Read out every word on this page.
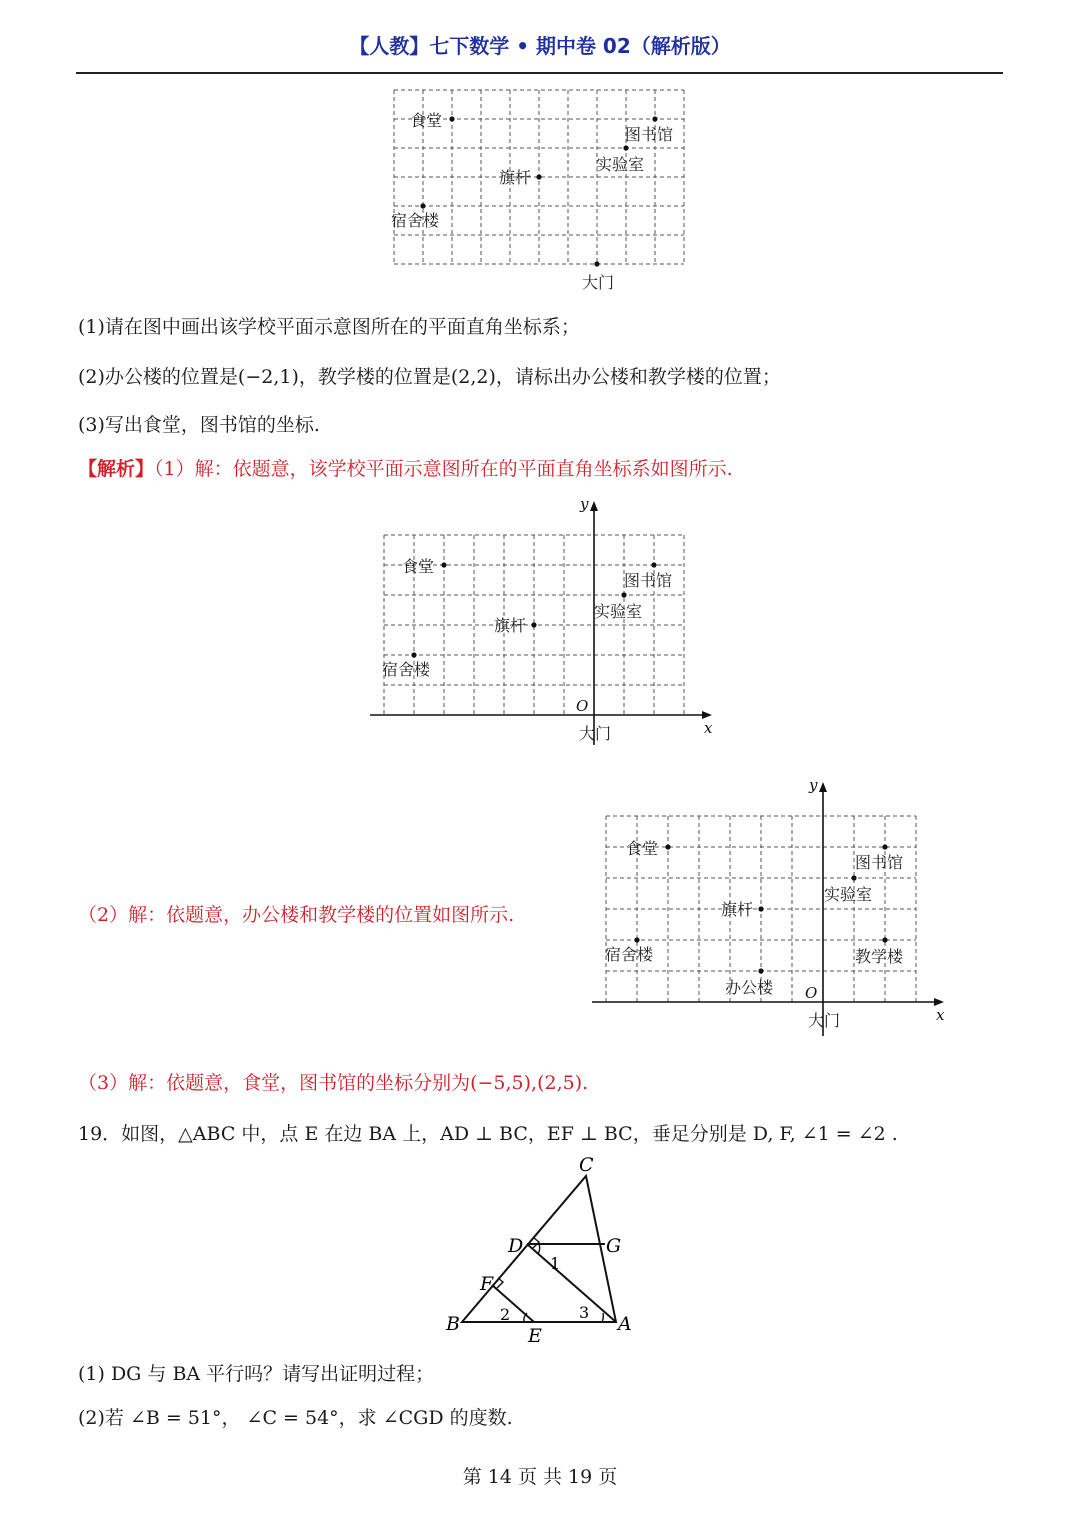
【人教】七下数学 • 期中卷 02（解析版）
食堂
图书馆
实验室
旗杆
宿舍楼
大门
(1)请在图中画出该学校平面示意图所在的平面直角坐标系；
(2)办公楼的位置是(−2,1)，教学楼的位置是(2,2)，请标出办公楼和教学楼的位置；
(3)写出食堂，图书馆的坐标.
【解析】（1）解：依题意，该学校平面示意图所在的平面直角坐标系如图所示.
x
y
O
食堂
图书馆
实验室
旗杆
宿舍楼
大门
（2）解：依题意，办公楼和教学楼的位置如图所示.
x
y
O
食堂
图书馆
实验室
旗杆
宿舍楼
大门
办公楼
教学楼
（3）解：依题意，食堂，图书馆的坐标分别为(−5,5),(2,5).
19．如图，△ABC 中，点 E 在边 BA 上，AD ⊥ BC，EF ⊥ BC，垂足分别是 D, F, ∠1 = ∠2 .
C
D	G
F
B
E
A
1
2	3
(1) DG 与 BA 平行吗？请写出证明过程；
(2)若 ∠B = 51°， ∠C = 54°，求 ∠CGD 的度数.
第 14 页 共 19 页
